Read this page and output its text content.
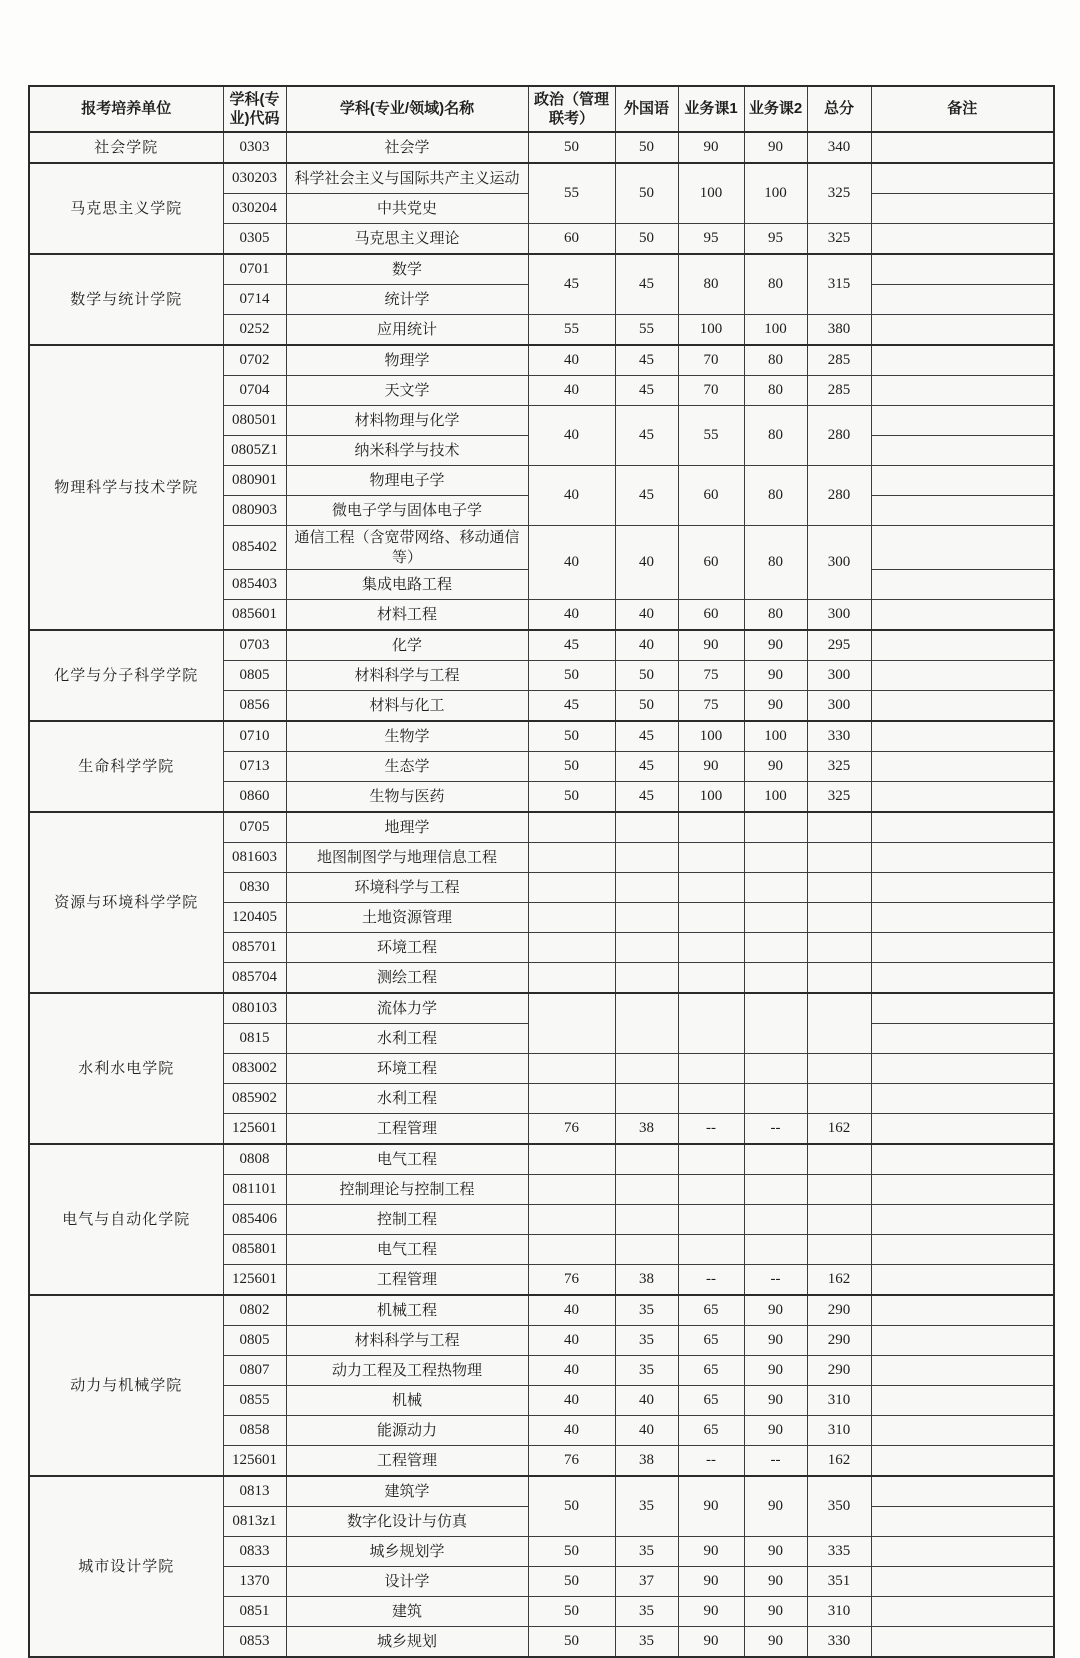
报考培养单位	学科(专业)代码	学科(专业/领域)名称	政治（管理联考）	外国语	业务课1	业务课2	总分	备注
社会学院	0303	社会学	50	50	90	90	340	
马克思主义学院	030203	科学社会主义与国际共产主义运动	55	50	100	100	325	
	030204	中共党史						
	0305	马克思主义理论	60	50	95	95	325	
数学与统计学院	0701	数学	45	45	80	80	315	
	0714	统计学						
	0252	应用统计	55	55	100	100	380	
物理科学与技术学院	0702	物理学	40	45	70	80	285	
	0704	天文学	40	45	70	80	285	
	080501	材料物理与化学	40	45	55	80	280	
	0805Z1	纳米科学与技术						
	080901	物理电子学	40	45	60	80	280	
	080903	微电子学与固体电子学						
	085402	通信工程（含宽带网络、移动通信等）	40	40	60	80	300	
	085403	集成电路工程						
	085601	材料工程	40	40	60	80	300	
化学与分子科学学院	0703	化学	45	40	90	90	295	
	0805	材料科学与工程	50	50	75	90	300	
	0856	材料与化工	45	50	75	90	300	
生命科学学院	0710	生物学	50	45	100	100	330	
	0713	生态学	50	45	90	90	325	
	0860	生物与医药	50	45	100	100	325	
资源与环境科学学院	0705	地理学						
	081603	地图制图学与地理信息工程						
	0830	环境科学与工程						
	120405	土地资源管理						
	085701	环境工程						
	085704	测绘工程						
水利水电学院	080103	流体力学						
	0815	水利工程						
	083002	环境工程						
	085902	水利工程						
	125601	工程管理	76	38	--	--	162	
电气与自动化学院	0808	电气工程						
	081101	控制理论与控制工程						
	085406	控制工程						
	085801	电气工程						
	125601	工程管理	76	38	--	--	162	
动力与机械学院	0802	机械工程	40	35	65	90	290	
	0805	材料科学与工程	40	35	65	90	290	
	0807	动力工程及工程热物理	40	35	65	90	290	
	0855	机械	40	40	65	90	310	
	0858	能源动力	40	40	65	90	310	
	125601	工程管理	76	38	--	--	162	
城市设计学院	0813	建筑学	50	35	90	90	350	
	0813z1	数字化设计与仿真						
	0833	城乡规划学	50	35	90	90	335	
	1370	设计学	50	37	90	90	351	
	0851	建筑	50	35	90	90	310	
	0853	城乡规划	50	35	90	90	330	
